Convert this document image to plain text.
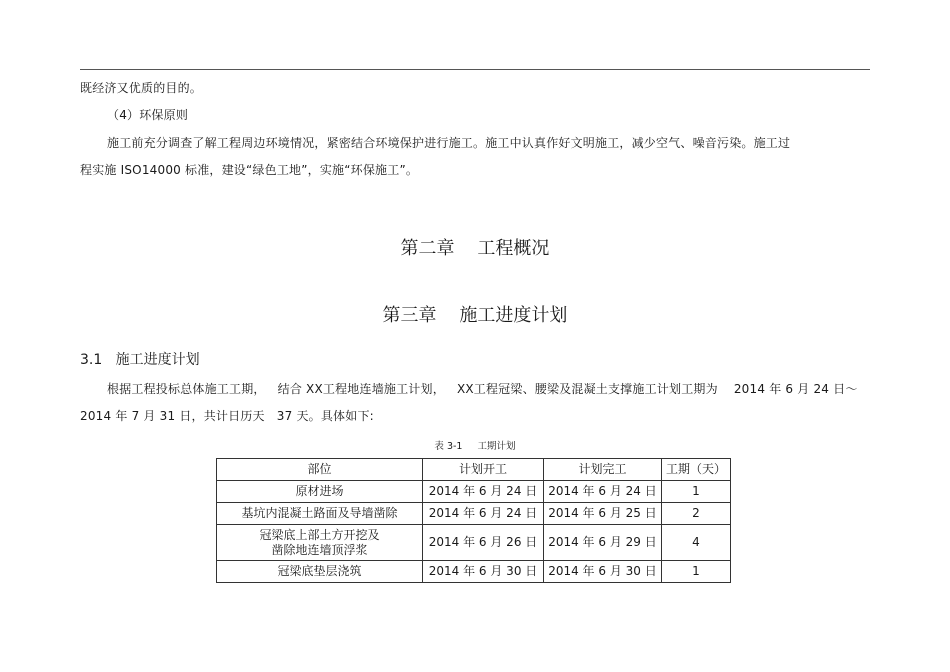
既经济又优质的目的。
（4）环保原则
施工前充分调查了解工程周边环境情况，紧密结合环境保护进行施工。施工中认真作好文明施工，减少空气、噪音污染。施工过
程实施 ISO14000 标准，建设“绿色工地”，实施“环保施工”。
第二章    工程概况
第三章    施工进度计划
3.1   施工进度计划
根据工程投标总体施工工期，   结合 XX工程地连墙施工计划，   XX工程冠梁、腰梁及混凝土支撑施工计划工期为    2014 年 6 月 24 日～
2014 年 7 月 31 日，共计日历天   37 天。具体如下:
表 3-1     工期计划
部位	计划开工	计划完工	工期（天）
原材进场	2014 年 6 月 24 日	2014 年 6 月 24 日	1
基坑内混凝土路面及导墙凿除	2014 年 6 月 24 日	2014 年 6 月 25 日	2

冠梁底上部土方开挖及
凿除地连墙顶浮浆	2014 年 6 月 26 日	2014 年 6 月 29 日	4
冠梁底垫层浇筑	2014 年 6 月 30 日	2014 年 6 月 30 日	1
